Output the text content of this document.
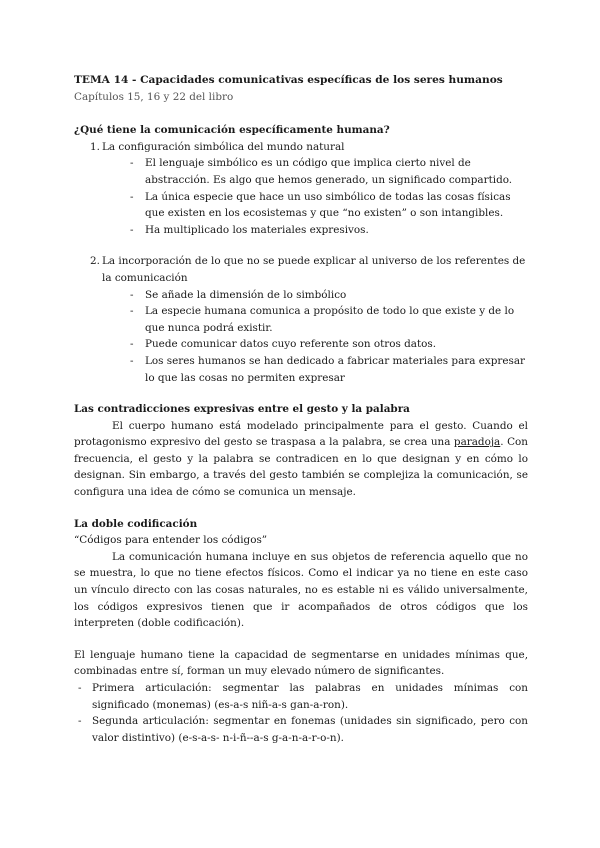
TEMA 14 - Capacidades comunicativas específicas de los seres humanos
Capítulos 15, 16 y 22 del libro
¿Qué tiene la comunicación específicamente humana?
1. La configuración simbólica del mundo natural
- El lenguaje simbólico es un código que implica cierto nivel de abstracción. Es algo que hemos generado, un significado compartido.
- La única especie que hace un uso simbólico de todas las cosas físicas que existen en los ecosistemas y que “no existen” o son intangibles.
- Ha multiplicado los materiales expresivos.
2. La incorporación de lo que no se puede explicar al universo de los referentes de la comunicación
- Se añade la dimensión de lo simbólico
- La especie humana comunica a propósito de todo lo que existe y de lo que nunca podrá existir.
- Puede comunicar datos cuyo referente son otros datos.
- Los seres humanos se han dedicado a fabricar materiales para expresar lo que las cosas no permiten expresar
Las contradicciones expresivas entre el gesto y la palabra
El cuerpo humano está modelado principalmente para el gesto. Cuando el protagonismo expresivo del gesto se traspasa a la palabra, se crea una paradoja. Con frecuencia, el gesto y la palabra se contradicen en lo que designan y en cómo lo designan. Sin embargo, a través del gesto también se complejiza la comunicación, se configura una idea de cómo se comunica un mensaje.
La doble codificación
“Códigos para entender los códigos”
La comunicación humana incluye en sus objetos de referencia aquello que no se muestra, lo que no tiene efectos físicos. Como el indicar ya no tiene en este caso un vínculo directo con las cosas naturales, no es estable ni es válido universalmente, los códigos expresivos tienen que ir acompañados de otros códigos que los interpreten (doble codificación).
El lenguaje humano tiene la capacidad de segmentarse en unidades mínimas que, combinadas entre sí, forman un muy elevado número de significantes.
- Primera articulación: segmentar las palabras en unidades mínimas con significado (monemas) (es-a-s niñ-a-s gan-a-ron).
- Segunda articulación: segmentar en fonemas (unidades sin significado, pero con valor distintivo) (e-s-a-s- n-i-ñ--a-s g-a-n-a-r-o-n).
